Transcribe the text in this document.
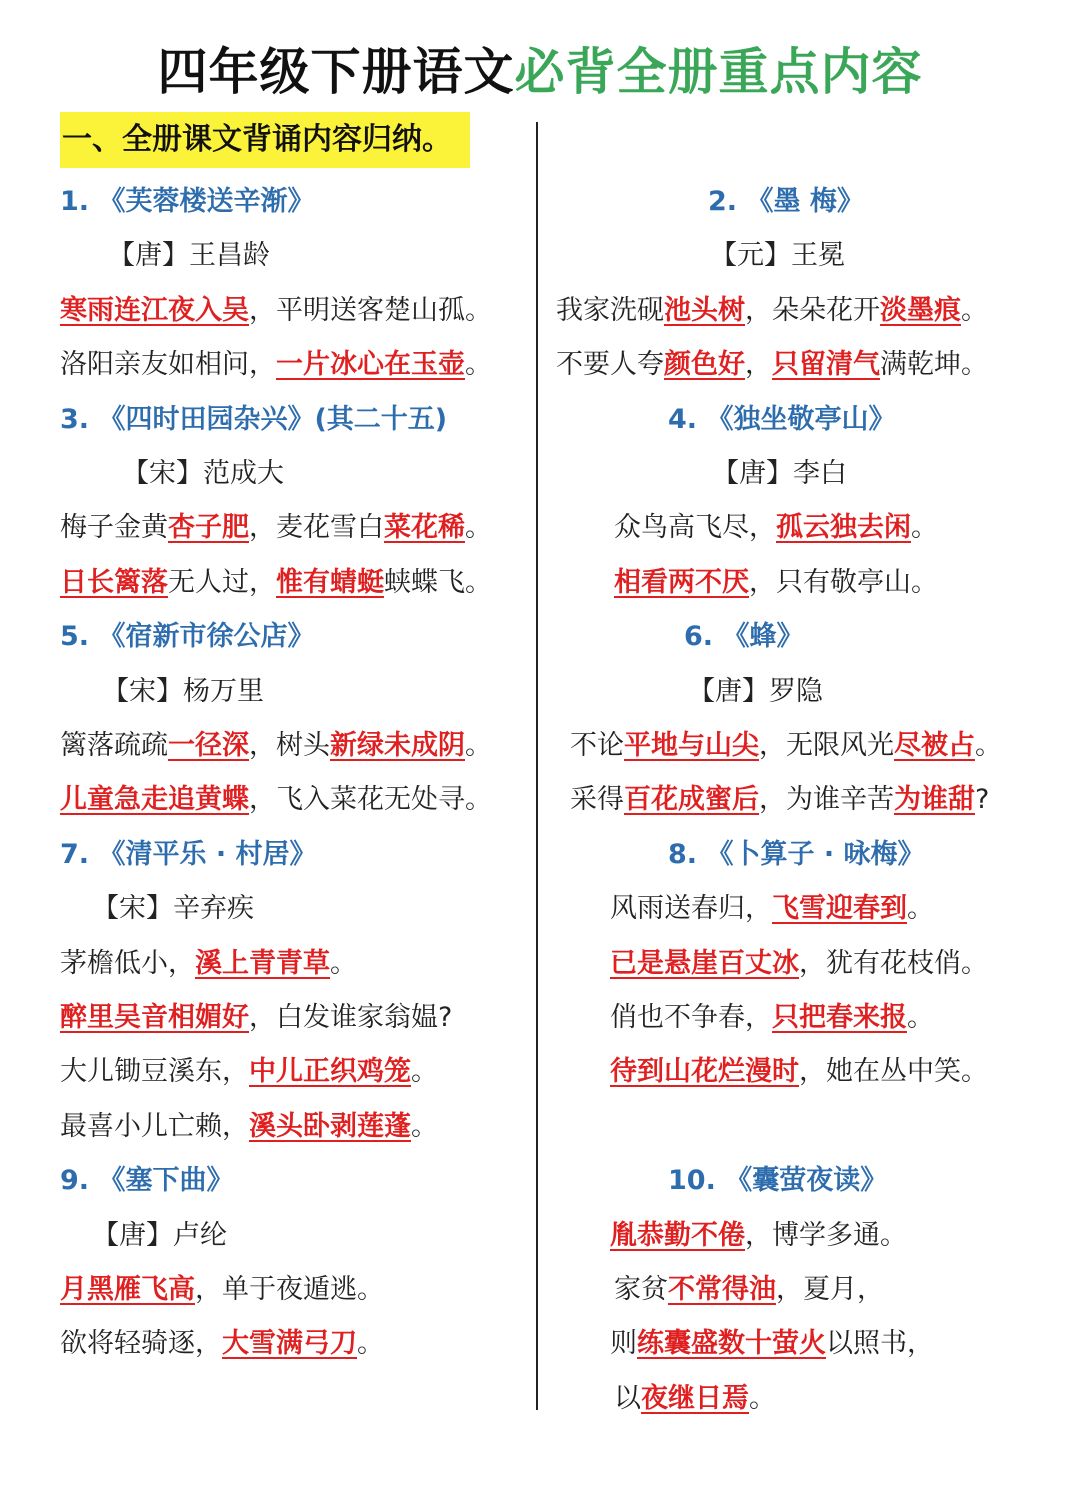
四年级下册语文必背全册重点内容
一、全册课文背诵内容归纳。
1. 《芙蓉楼送辛渐》
【唐】王昌龄
寒雨连江夜入吴，平明送客楚山孤。
洛阳亲友如相问，一片冰心在玉壶。
3. 《四时田园杂兴》(其二十五)
【宋】范成大
梅子金黄杏子肥，麦花雪白菜花稀。
日长篱落无人过，惟有蜻蜓蛱蝶飞。
5. 《宿新市徐公店》
【宋】杨万里
篱落疏疏一径深，树头新绿未成阴。
儿童急走追黄蝶，飞入菜花无处寻。
7. 《清平乐 · 村居》
【宋】辛弃疾
茅檐低小，溪上青青草。
醉里吴音相媚好，白发谁家翁媪?
大儿锄豆溪东，中儿正织鸡笼。
最喜小儿亡赖，溪头卧剥莲蓬。
9. 《塞下曲》
【唐】卢纶
月黑雁飞高，单于夜遁逃。
欲将轻骑逐，大雪满弓刀。
2. 《墨 梅》
【元】王冕
我家洗砚池头树，朵朵花开淡墨痕。
不要人夸颜色好，只留清气满乾坤。
4. 《独坐敬亭山》
【唐】李白
众鸟高飞尽，孤云独去闲。
相看两不厌，只有敬亭山。
6. 《蜂》
【唐】罗隐
不论平地与山尖，无限风光尽被占。
采得百花成蜜后，为谁辛苦为谁甜?
8. 《卜算子 · 咏梅》
风雨送春归，飞雪迎春到。
已是悬崖百丈冰，犹有花枝俏。
俏也不争春，只把春来报。
待到山花烂漫时，她在丛中笑。
10. 《囊萤夜读》
胤恭勤不倦，博学多通。
家贫不常得油，夏月，
则练囊盛数十萤火以照书，
以夜继日焉。
